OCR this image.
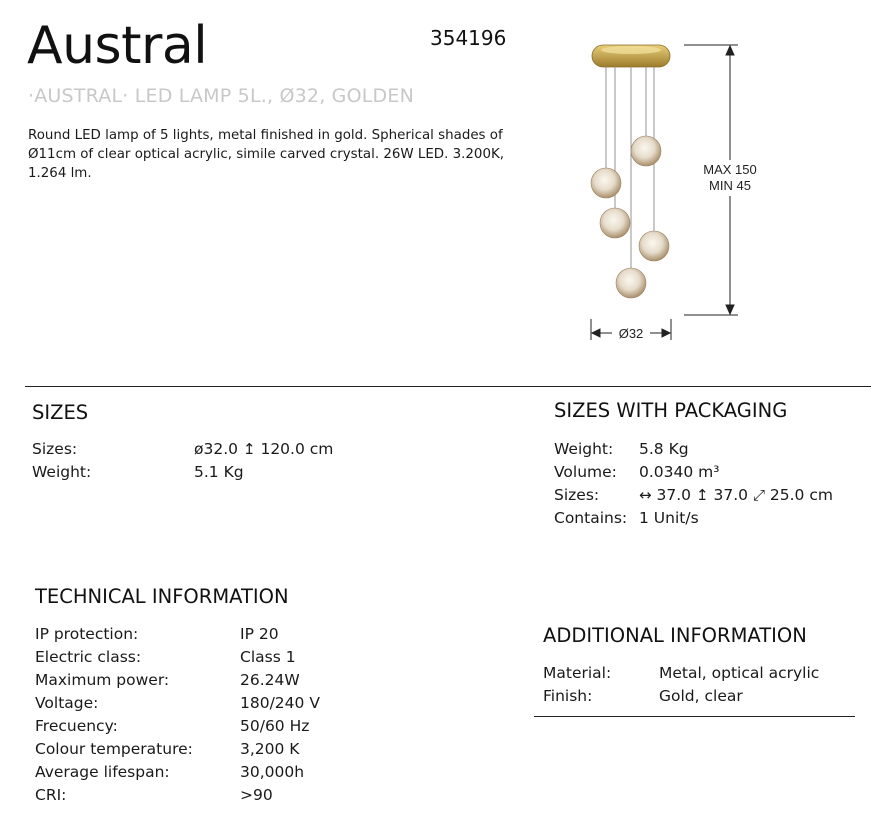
Austral	354196
·AUSTRAL· LED LAMP 5L., Ø32, GOLDEN
Round LED lamp of 5 lights, metal finished in gold. Spherical shades of Ø11cm of clear optical acrylic, simile carved crystal. 26W LED. 3.200K, 1.264 lm.	MAX 150
MIN 45
Ø32
SIZES
Sizes:	ø32.0 ↥ 120.0 cm
Weight:	5.1 Kg
SIZES WITH PACKAGING
Weight:	5.8 Kg
Volume:	0.0340 m³
Sizes:	↔ 37.0 ↥ 37.0 ⤢ 25.0 cm
Contains: 1 Unit/s
TECHNICAL INFORMATION
IP protection:	IP 20
Electric class:	Class 1
Maximum power:	26.24W
Voltage:	180/240 V
Frecuency:	50/60 Hz
Colour temperature:	3,200 K
Average lifespan:	30,000h
CRI:	>90
ADDITIONAL INFORMATION
Material:	Metal, optical acrylic
Finish:	Gold, clear
